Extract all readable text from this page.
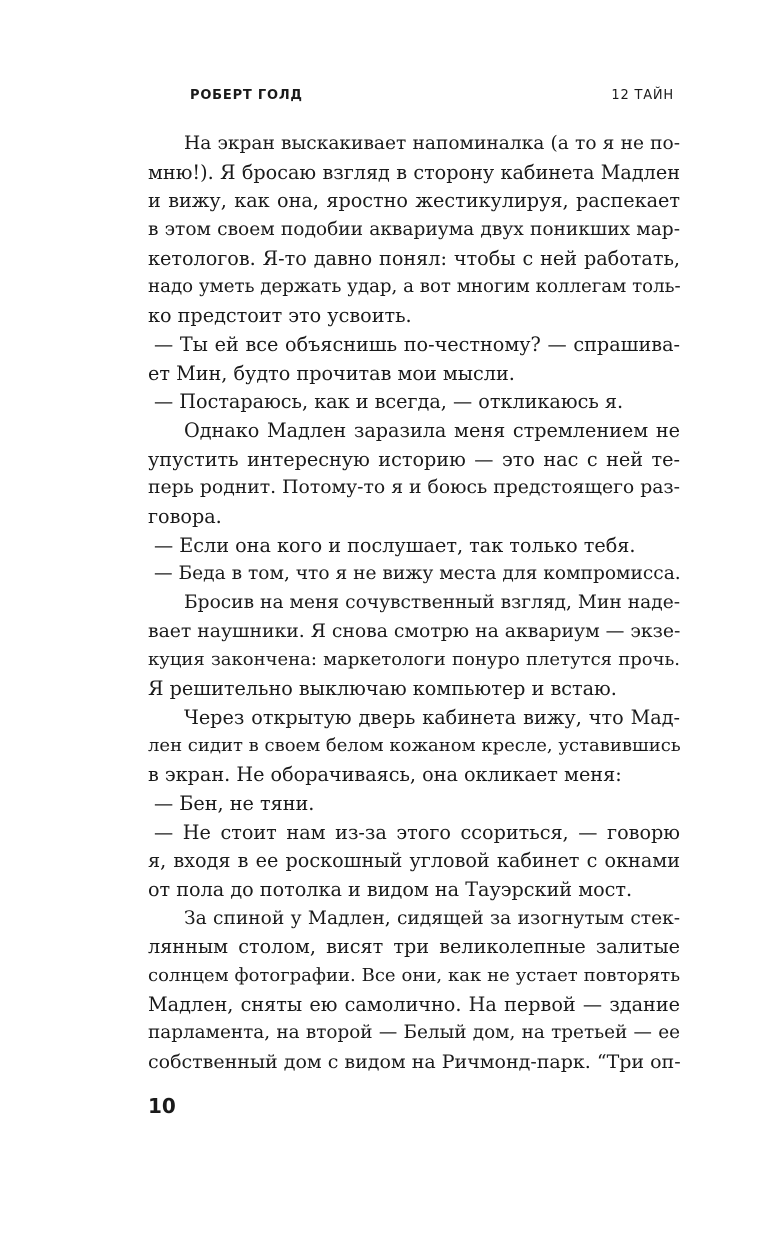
РОБЕРТ ГОЛД	12 ТАЙН
На экран выскакивает напоминалка (а то я не по-
мню!). Я бросаю взгляд в сторону кабинета Мадлен
и вижу, как она, яростно жестикулируя, распекает
в этом своем подобии аквариума двух поникших мар-
кетологов. Я-то давно понял: чтобы с ней работать,
надо уметь держать удар, а вот многим коллегам толь-
ко предстоит это усвоить.
— Ты ей все объяснишь по-честному? — спрашива-
ет Мин, будто прочитав мои мысли.
— Постараюсь, как и всегда, — откликаюсь я.
Однако Мадлен заразила меня стремлением не
упустить интересную историю — это нас с ней те-
перь роднит. Потому-то я и боюсь предстоящего раз-
говора.
— Если она кого и послушает, так только тебя.
— Беда в том, что я не вижу места для компромисса.
Бросив на меня сочувственный взгляд, Мин наде-
вает наушники. Я снова смотрю на аквариум — экзе-
куция закончена: маркетологи понуро плетутся прочь.
Я решительно выключаю компьютер и встаю.
Через открытую дверь кабинета вижу, что Мад-
лен сидит в своем белом кожаном кресле, уставившись
в экран. Не оборачиваясь, она окликает меня:
— Бен, не тяни.
— Не стоит нам из-за этого ссориться, — говорю
я, входя в ее роскошный угловой кабинет с окнами
от пола до потолка и видом на Тауэрский мост.
За спиной у Мадлен, сидящей за изогнутым стек-
лянным столом, висят три великолепные залитые
солнцем фотографии. Все они, как не устает повторять
Мадлен, сняты ею самолично. На первой — здание
парламента, на второй — Белый дом, на третьей — ее
собственный дом с видом на Ричмонд-парк. “Три оп-
10
